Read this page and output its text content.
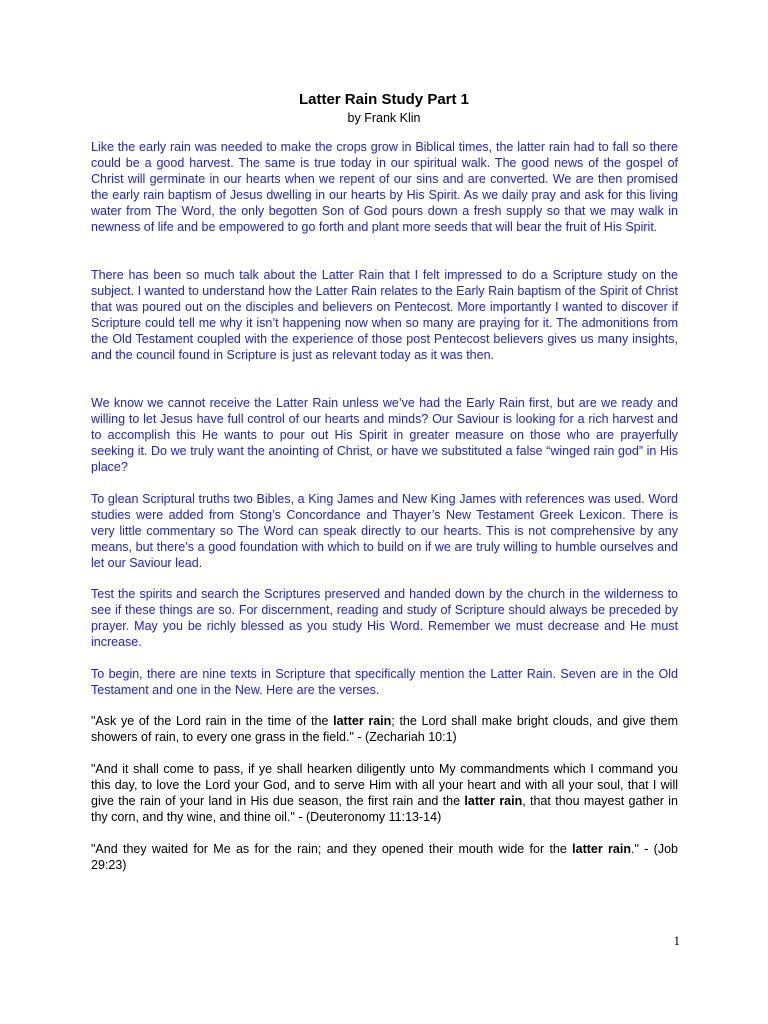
Latter Rain Study Part 1
by Frank Klin

Like the early rain was needed to make the crops grow in Biblical times, the latter rain had to fall so there could be a good harvest. The same is true today in our spiritual walk. The good news of the gospel of Christ will germinate in our hearts when we repent of our sins and are converted. We are then promised the early rain baptism of Jesus dwelling in our hearts by His Spirit. As we daily pray and ask for this living water from The Word, the only begotten Son of God pours down a fresh supply so that we may walk in newness of life and be empowered to go forth and plant more seeds that will bear the fruit of His Spirit.

There has been so much talk about the Latter Rain that I felt impressed to do a Scripture study on the subject. I wanted to understand how the Latter Rain relates to the Early Rain baptism of the Spirit of Christ that was poured out on the disciples and believers on Pentecost. More importantly I wanted to discover if Scripture could tell me why it isn’t happening now when so many are praying for it. The admonitions from the Old Testament coupled with the experience of those post Pentecost believers gives us many insights, and the council found in Scripture is just as relevant today as it was then.

We know we cannot receive the Latter Rain unless we’ve had the Early Rain first, but are we ready and willing to let Jesus have full control of our hearts and minds? Our Saviour is looking for a rich harvest and to accomplish this He wants to pour out His Spirit in greater measure on those who are prayerfully seeking it. Do we truly want the anointing of Christ, or have we substituted a false “winged rain god” in His place?

To glean Scriptural truths two Bibles, a King James and New King James with references was used. Word studies were added from Stong’s Concordance and Thayer’s New Testament Greek Lexicon. There is very little commentary so The Word can speak directly to our hearts. This is not comprehensive by any means, but there’s a good foundation with which to build on if we are truly willing to humble ourselves and let our Saviour lead.

Test the spirits and search the Scriptures preserved and handed down by the church in the wilderness to see if these things are so. For discernment, reading and study of Scripture should always be preceded by prayer. May you be richly blessed as you study His Word. Remember we must decrease and He must increase.

To begin, there are nine texts in Scripture that specifically mention the Latter Rain. Seven are in the Old Testament and one in the New. Here are the verses.

"Ask ye of the Lord rain in the time of the latter rain; the Lord shall make bright clouds, and give them showers of rain, to every one grass in the field." - (Zechariah 10:1)

"And it shall come to pass, if ye shall hearken diligently unto My commandments which I command you this day, to love the Lord your God, and to serve Him with all your heart and with all your soul, that I will give the rain of your land in His due season, the first rain and the latter rain, that thou mayest gather in thy corn, and thy wine, and thine oil." - (Deuteronomy 11:13-14)

"And they waited for Me as for the rain; and they opened their mouth wide for the latter rain." - (Job 29:23)

1
